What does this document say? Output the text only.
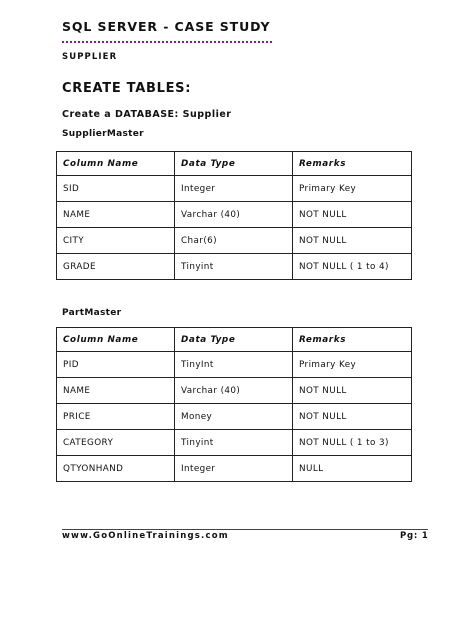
SQL SERVER - CASE STUDY
SUPPLIER
CREATE TABLES:
Create a DATABASE: Supplier
SupplierMaster
Column Name	Data Type	Remarks
SID	Integer	Primary Key
NAME	Varchar (40)	NOT NULL
CITY	Char(6)	NOT NULL
GRADE	Tinyint	NOT NULL ( 1 to 4)
PartMaster
Column Name	Data Type	Remarks
PID	TinyInt	Primary Key
NAME	Varchar (40)	NOT NULL
PRICE	Money	NOT NULL
CATEGORY	Tinyint	NOT NULL ( 1 to 3)
QTYONHAND	Integer	NULL
www.GoOnlineTrainings.com	Pg: 1
